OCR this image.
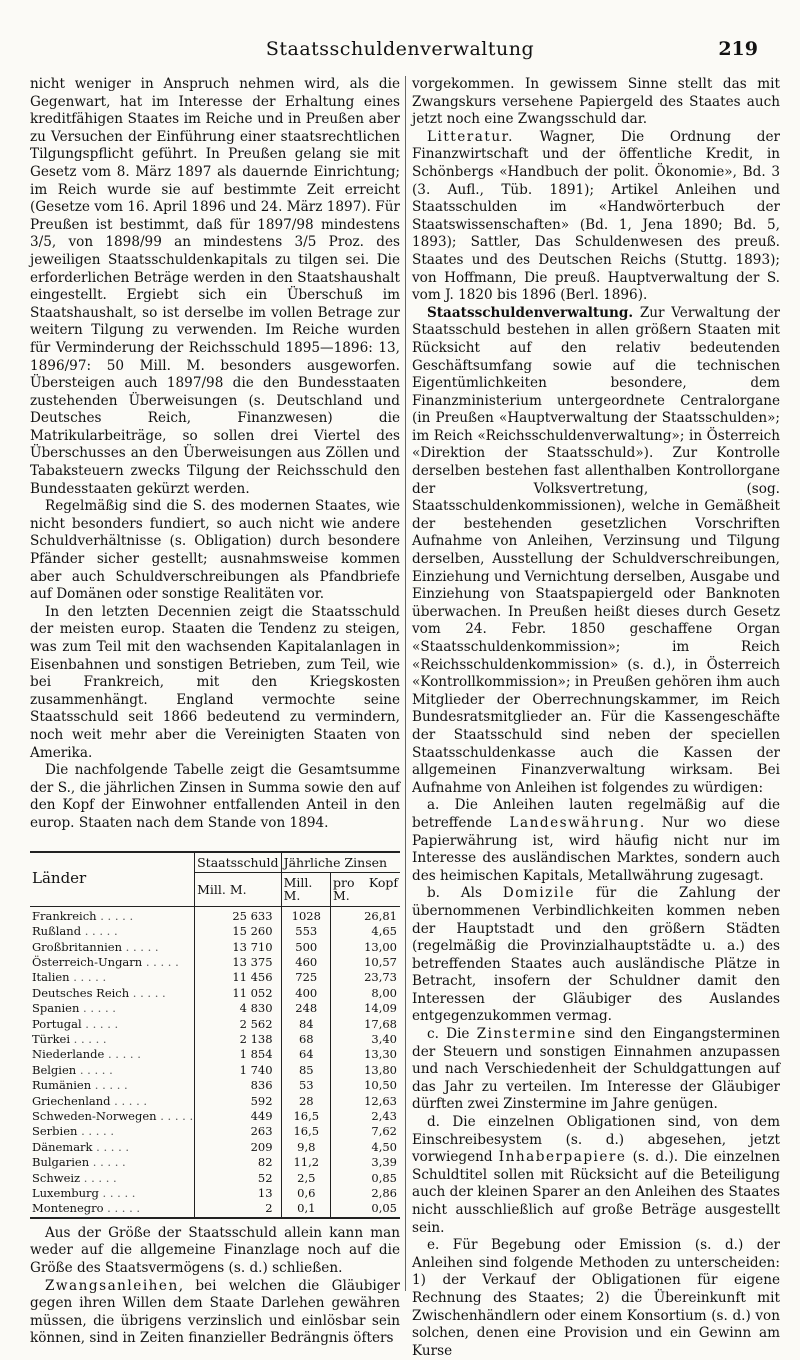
Staatsschuldenverwaltung	219

nicht weniger in Anspruch nehmen wird, als die Gegenwart, hat im Interesse der Erhaltung eines kreditfähigen Staates im Reiche und in Preußen aber zu Versuchen der Einführung einer staatsrechtlichen Tilgungspflicht geführt. In Preußen gelang sie mit Gesetz vom 8. März 1897 als dauernde Einrichtung; im Reich wurde sie auf bestimmte Zeit erreicht (Gesetze vom 16. April 1896 und 24. März 1897). Für Preußen ist bestimmt, daß für 1897/98 mindestens 3/5, von 1898/99 an mindestens 3/5 Proz. des jeweiligen Staatsschuldenkapitals zu tilgen sei. Die erforderlichen Beträge werden in den Staatshaushalt eingestellt. Ergiebt sich ein Überschuß im Staatshaushalt, so ist derselbe im vollen Betrage zur weitern Tilgung zu verwenden. Im Reiche wurden für Verminderung der Reichsschuld 1895—1896: 13, 1896/97: 50 Mill. M. besonders ausgeworfen. Übersteigen auch 1897/98 die den Bundesstaaten zustehenden Überweisungen (s. Deutschland und Deutsches Reich, Finanzwesen) die Matrikularbeiträge, so sollen drei Viertel des Überschusses an den Überweisungen aus Zöllen und Tabaksteuern zwecks Tilgung der Reichsschuld den Bundesstaaten gekürzt werden.

Regelmäßig sind die S. des modernen Staates, wie nicht besonders fundiert, so auch nicht wie andere Schuldverhältnisse (s. Obligation) durch besondere Pfänder sicher gestellt; ausnahmsweise kommen aber auch Schuldverschreibungen als Pfandbriefe auf Domänen oder sonstige Realitäten vor.

In den letzten Decennien zeigt die Staatsschuld der meisten europ. Staaten die Tendenz zu steigen, was zum Teil mit den wachsenden Kapitalanlagen in Eisenbahnen und sonstigen Betrieben, zum Teil, wie bei Frankreich, mit den Kriegskosten zusammenhängt. England vermochte seine Staatsschuld seit 1866 bedeutend zu vermindern, noch weit mehr aber die Vereinigten Staaten von Amerika.

Die nachfolgende Tabelle zeigt die Gesamtsumme der S., die jährlichen Zinsen in Summa sowie den auf den Kopf der Einwohner entfallenden Anteil in den europ. Staaten nach dem Stande von 1894.

Länder	Staatsschuld	Jährliche Zinsen	
	Mill. M.	Mill. M.	pro Kopf M.
Frankreich . . . . .	25 633	1028	26,81
Rußland . . . . .	15 260	553	4,65
Großbritannien . . . . .	13 710	500	13,00
Österreich-Ungarn . . . . .	13 375	460	10,57
Italien . . . . .	11 456	725	23,73
Deutsches Reich . . . . .	11 052	400	8,00
Spanien . . . . .	4 830	248	14,09
Portugal . . . . .	2 562	84	17,68
Türkei . . . . .	2 138	68	3,40
Niederlande . . . . .	1 854	64	13,30
Belgien . . . . .	1 740	85	13,80
Rumänien . . . . .	836	53	10,50
Griechenland . . . . .	592	28	12,63
Schweden-Norwegen . . . . .	449	16,5	2,43
Serbien . . . . .	263	16,5	7,62
Dänemark . . . . .	209	9,8	4,50
Bulgarien . . . . .	82	11,2	3,39
Schweiz . . . . .	52	2,5	0,85
Luxemburg . . . . .	13	0,6	2,86
Montenegro . . . . .	2	0,1	0,05

Aus der Größe der Staatsschuld allein kann man weder auf die allgemeine Finanzlage noch auf die Größe des Staatsvermögens (s. d.) schließen.

Zwangsanleihen, bei welchen die Gläubiger gegen ihren Willen dem Staate Darlehen gewähren müssen, die übrigens verzinslich und einlösbar sein können, sind in Zeiten finanzieller Bedrängnis öfters

vorgekommen. In gewissem Sinne stellt das mit Zwangskurs versehene Papiergeld des Staates auch jetzt noch eine Zwangsschuld dar.

Litteratur. Wagner, Die Ordnung der Finanzwirtschaft und der öffentliche Kredit, in Schönbergs «Handbuch der polit. Ökonomie», Bd. 3 (3. Aufl., Tüb. 1891); Artikel Anleihen und Staatsschulden im «Handwörterbuch der Staatswissenschaften» (Bd. 1, Jena 1890; Bd. 5, 1893); Sattler, Das Schuldenwesen des preuß. Staates und des Deutschen Reichs (Stuttg. 1893); von Hoffmann, Die preuß. Hauptverwaltung der S. vom J. 1820 bis 1896 (Berl. 1896).

Staatsschuldenverwaltung. Zur Verwaltung der Staatsschuld bestehen in allen größern Staaten mit Rücksicht auf den relativ bedeutenden Geschäftsumfang sowie auf die technischen Eigentümlichkeiten besondere, dem Finanzministerium untergeordnete Centralorgane (in Preußen «Hauptverwaltung der Staatsschulden»; im Reich «Reichsschuldenverwaltung»; in Österreich «Direktion der Staatsschuld»). Zur Kontrolle derselben bestehen fast allenthalben Kontrollorgane der Volksvertretung, (sog. Staatsschuldenkommissionen), welche in Gemäßheit der bestehenden gesetzlichen Vorschriften Aufnahme von Anleihen, Verzinsung und Tilgung derselben, Ausstellung der Schuldverschreibungen, Einziehung und Vernichtung derselben, Ausgabe und Einziehung von Staatspapiergeld oder Banknoten überwachen. In Preußen heißt dieses durch Gesetz vom 24. Febr. 1850 geschaffene Organ «Staatsschuldenkommission»; im Reich «Reichsschuldenkommission» (s. d.), in Österreich «Kontrollkommission»; in Preußen gehören ihm auch Mitglieder der Oberrechnungskammer, im Reich Bundesratsmitglieder an. Für die Kassengeschäfte der Staatsschuld sind neben der speciellen Staatsschuldenkasse auch die Kassen der allgemeinen Finanzverwaltung wirksam. Bei Aufnahme von Anleihen ist folgendes zu würdigen:

a. Die Anleihen lauten regelmäßig auf die betreffende Landeswährung. Nur wo diese Papierwährung ist, wird häufig nicht nur im Interesse des ausländischen Marktes, sondern auch des heimischen Kapitals, Metallwährung zugesagt.

b. Als Domizile für die Zahlung der übernommenen Verbindlichkeiten kommen neben der Hauptstadt und den größern Städten (regelmäßig die Provinzialhauptstädte u. a.) des betreffenden Staates auch ausländische Plätze in Betracht, insofern der Schuldner damit den Interessen der Gläubiger des Auslandes entgegenzukommen vermag.

c. Die Zinstermine sind den Eingangsterminen der Steuern und sonstigen Einnahmen anzupassen und nach Verschiedenheit der Schuldgattungen auf das Jahr zu verteilen. Im Interesse der Gläubiger dürften zwei Zinstermine im Jahre genügen.

d. Die einzelnen Obligationen sind, von dem Einschreibesystem (s. d.) abgesehen, jetzt vorwiegend Inhaberpapiere (s. d.). Die einzelnen Schuldtitel sollen mit Rücksicht auf die Beteiligung auch der kleinen Sparer an den Anleihen des Staates nicht ausschließlich auf große Beträge ausgestellt sein.

e. Für Begebung oder Emission (s. d.) der Anleihen sind folgende Methoden zu unterscheiden: 1) der Verkauf der Obligationen für eigene Rechnung des Staates; 2) die Übereinkunft mit Zwischenhändlern oder einem Konsortium (s. d.) von solchen, denen eine Provision und ein Gewinn am Kurse
